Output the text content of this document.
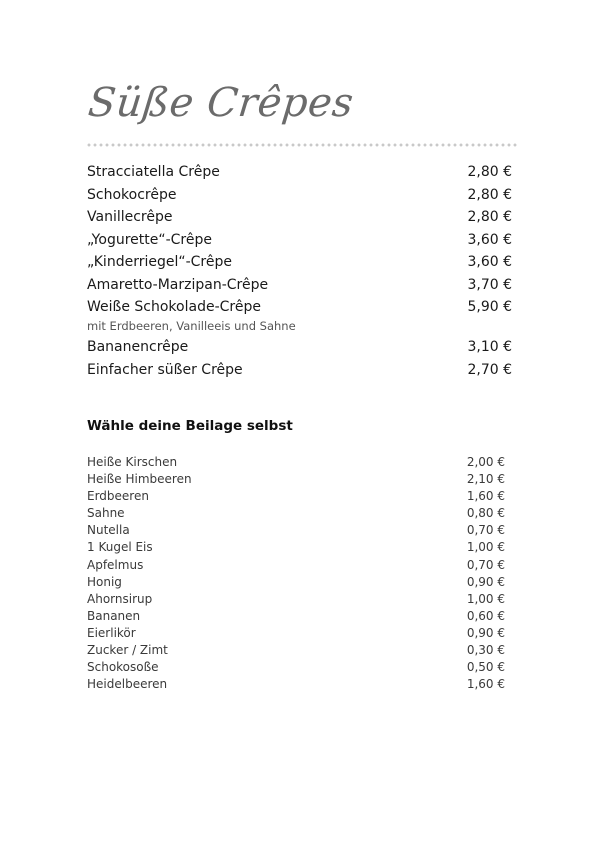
Süße Crêpes
Stracciatella Crêpe	2,80 €
Schokocrêpe	2,80 €
Vanillecrêpe	2,80 €
„Yogurette“-Crêpe	3,60 €
„Kinderriegel“-Crêpe	3,60 €
Amaretto-Marzipan-Crêpe	3,70 €
Weiße Schokolade-Crêpe	5,90 €
mit Erdbeeren, Vanilleeis und Sahne
Bananencrêpe	3,10 €
Einfacher süßer Crêpe	2,70 €
Wähle deine Beilage selbst
Heiße Kirschen	2,00 €
Heiße Himbeeren	2,10 €
Erdbeeren	1,60 €
Sahne	0,80 €
Nutella	0,70 €
1 Kugel Eis	1,00 €
Apfelmus	0,70 €
Honig	0,90 €
Ahornsirup	1,00 €
Bananen	0,60 €
Eierlikör	0,90 €
Zucker / Zimt	0,30 €
Schokosoße	0,50 €
Heidelbeeren	1,60 €
